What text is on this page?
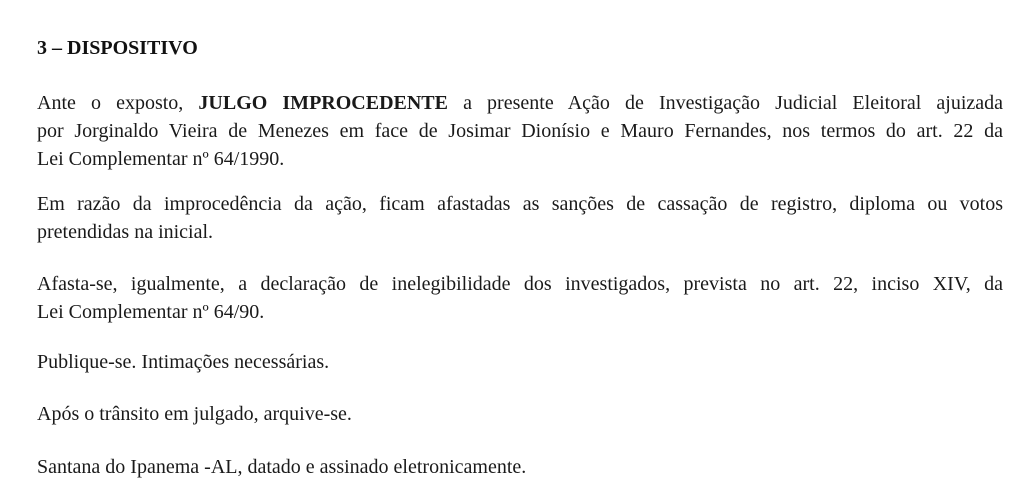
3 – DISPOSITIVO

Ante o exposto, JULGO IMPROCEDENTE a presente Ação de Investigação Judicial Eleitoral ajuizada
por Jorginaldo Vieira de Menezes em face de Josimar Dionísio e Mauro Fernandes, nos termos do art. 22 da
Lei Complementar nº 64/1990.

Em razão da improcedência da ação, ficam afastadas as sanções de cassação de registro, diploma ou votos
pretendidas na inicial.

Afasta-se, igualmente, a declaração de inelegibilidade dos investigados, prevista no art. 22, inciso XIV, da
Lei Complementar nº 64/90.

Publique-se. Intimações necessárias.

Após o trânsito em julgado, arquive-se.

Santana do Ipanema -AL, datado e assinado eletronicamente.
